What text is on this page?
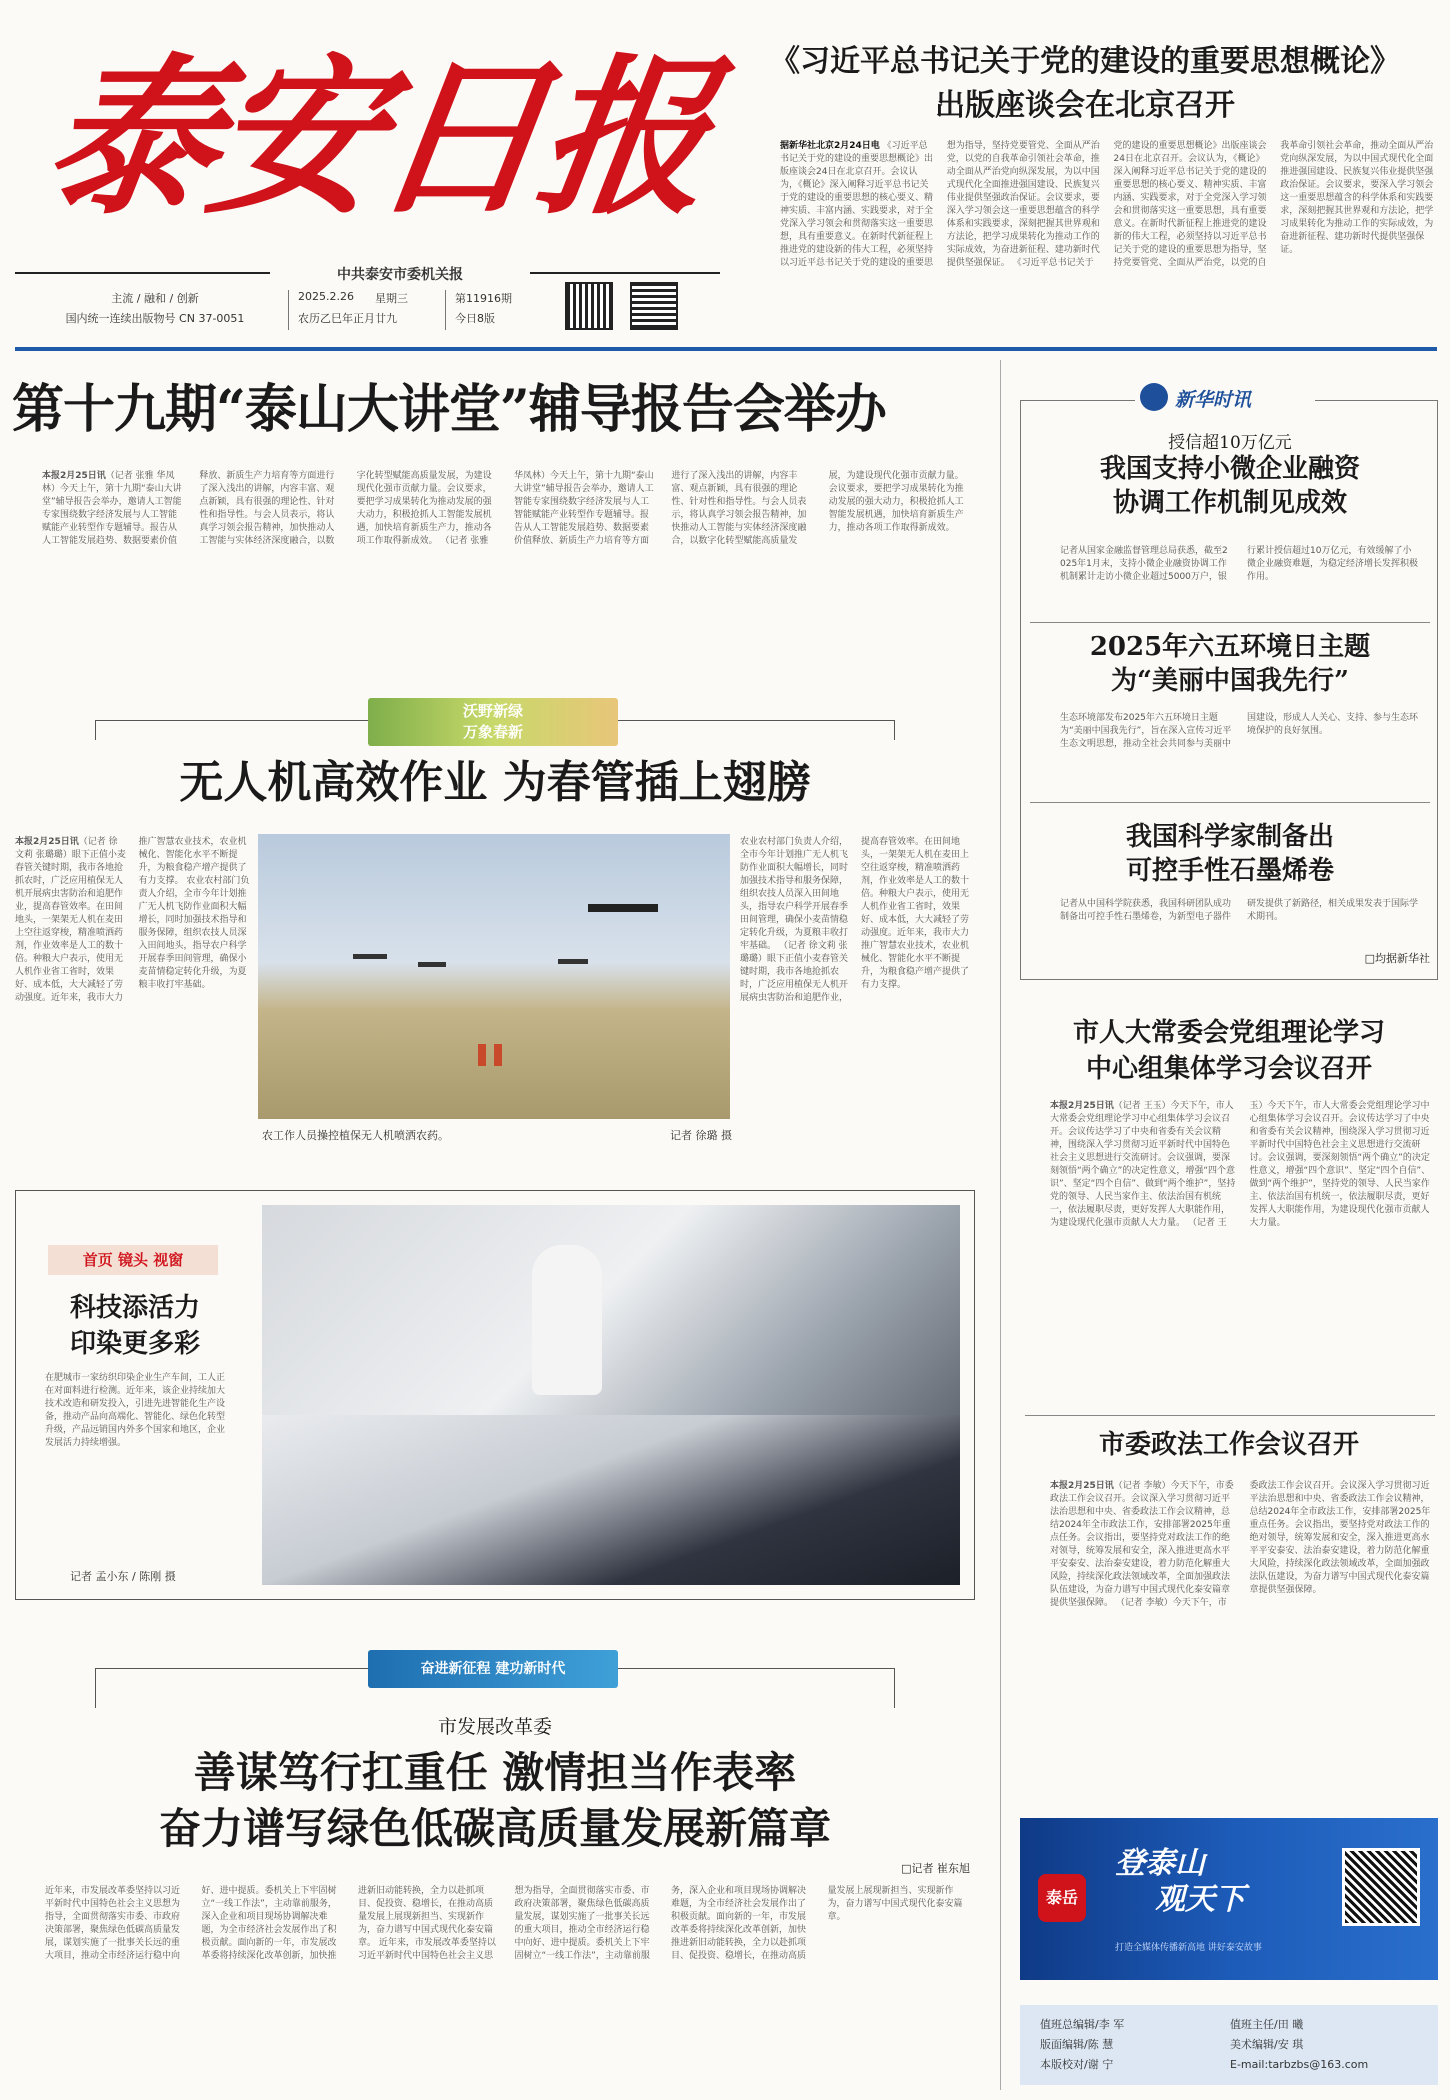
泰安日报
中共泰安市委机关报
主流 / 融和 / 创新
国内统一连续出版物号 CN 37-0051
2025.2.26	星期三
农历乙巳年正月廿九
第11916期
今日8版
《习近平总书记关于党的建设的重要思想概论》
出版座谈会在北京召开
据新华社北京2月24日电 《习近平总书记关于党的建设的重要思想概论》出版座谈会24日在北京召开。会议认为，《概论》深入阐释习近平总书记关于党的建设的重要思想的核心要义、精神实质、丰富内涵、实践要求，对于全党深入学习领会和贯彻落实这一重要思想，具有重要意义。在新时代新征程上推进党的建设新的伟大工程，必须坚持以习近平总书记关于党的建设的重要思想为指导，坚持党要管党、全面从严治党，以党的自我革命引领社会革命，推动全面从严治党向纵深发展，为以中国式现代化全面推进强国建设、民族复兴伟业提供坚强政治保证。会议要求，要深入学习领会这一重要思想蕴含的科学体系和实践要求，深刻把握其世界观和方法论，把学习成果转化为推动工作的实际成效，为奋进新征程、建功新时代提供坚强保证。 《习近平总书记关于党的建设的重要思想概论》出版座谈会24日在北京召开。会议认为，《概论》深入阐释习近平总书记关于党的建设的重要思想的核心要义、精神实质、丰富内涵、实践要求，对于全党深入学习领会和贯彻落实这一重要思想，具有重要意义。在新时代新征程上推进党的建设新的伟大工程，必须坚持以习近平总书记关于党的建设的重要思想为指导，坚持党要管党、全面从严治党，以党的自我革命引领社会革命，推动全面从严治党向纵深发展，为以中国式现代化全面推进强国建设、民族复兴伟业提供坚强政治保证。会议要求，要深入学习领会这一重要思想蕴含的科学体系和实践要求，深刻把握其世界观和方法论，把学习成果转化为推动工作的实际成效，为奋进新征程、建功新时代提供坚强保证。
第十九期“泰山大讲堂”辅导报告会举办
本报2月25日讯（记者 张雅 华凤林）今天上午，第十九期“泰山大讲堂”辅导报告会举办，邀请人工智能专家围绕数字经济发展与人工智能赋能产业转型作专题辅导。报告从人工智能发展趋势、数据要素价值释放、新质生产力培育等方面进行了深入浅出的讲解，内容丰富、观点新颖，具有很强的理论性、针对性和指导性。与会人员表示，将认真学习领会报告精神，加快推动人工智能与实体经济深度融合，以数字化转型赋能高质量发展，为建设现代化强市贡献力量。会议要求，要把学习成果转化为推动发展的强大动力，积极抢抓人工智能发展机遇，加快培育新质生产力，推动各项工作取得新成效。 （记者 张雅 华凤林）今天上午，第十九期“泰山大讲堂”辅导报告会举办，邀请人工智能专家围绕数字经济发展与人工智能赋能产业转型作专题辅导。报告从人工智能发展趋势、数据要素价值释放、新质生产力培育等方面进行了深入浅出的讲解，内容丰富、观点新颖，具有很强的理论性、针对性和指导性。与会人员表示，将认真学习领会报告精神，加快推动人工智能与实体经济深度融合，以数字化转型赋能高质量发展，为建设现代化强市贡献力量。会议要求，要把学习成果转化为推动发展的强大动力，积极抢抓人工智能发展机遇，加快培育新质生产力，推动各项工作取得新成效。
新华时讯
授信超10万亿元
我国支持小微企业融资
协调工作机制见成效
记者从国家金融监督管理总局获悉，截至2025年1月末，支持小微企业融资协调工作机制累计走访小微企业超过5000万户，银行累计授信超过10万亿元，有效缓解了小微企业融资难题，为稳定经济增长发挥积极作用。
2025年六五环境日主题
为“美丽中国我先行”
生态环境部发布2025年六五环境日主题为“美丽中国我先行”，旨在深入宣传习近平生态文明思想，推动全社会共同参与美丽中国建设，形成人人关心、支持、参与生态环境保护的良好氛围。
我国科学家制备出
可控手性石墨烯卷
记者从中国科学院获悉，我国科研团队成功制备出可控手性石墨烯卷，为新型电子器件研发提供了新路径，相关成果发表于国际学术期刊。
□均据新华社
沃野新绿
万象春新
无人机高效作业 为春管插上翅膀
本报2月25日讯（记者 徐文莉 张璐璐）眼下正值小麦春管关键时期，我市各地抢抓农时，广泛应用植保无人机开展病虫害防治和追肥作业，提高春管效率。在田间地头，一架架无人机在麦田上空往返穿梭，精准喷洒药剂，作业效率是人工的数十倍。种粮大户表示，使用无人机作业省工省时，效果好、成本低，大大减轻了劳动强度。近年来，我市大力推广智慧农业技术，农业机械化、智能化水平不断提升，为粮食稳产增产提供了有力支撑。 农业农村部门负责人介绍，全市今年计划推广无人机飞防作业面积大幅增长，同时加强技术指导和服务保障，组织农技人员深入田间地头，指导农户科学开展春季田间管理，确保小麦苗情稳定转化升级，为夏粮丰收打牢基础。
农工作人员操控植保无人机喷洒农药。	记者 徐璐 摄
农业农村部门负责人介绍，全市今年计划推广无人机飞防作业面积大幅增长，同时加强技术指导和服务保障，组织农技人员深入田间地头，指导农户科学开展春季田间管理，确保小麦苗情稳定转化升级，为夏粮丰收打牢基础。 （记者 徐文莉 张璐璐）眼下正值小麦春管关键时期，我市各地抢抓农时，广泛应用植保无人机开展病虫害防治和追肥作业，提高春管效率。在田间地头，一架架无人机在麦田上空往返穿梭，精准喷洒药剂，作业效率是人工的数十倍。种粮大户表示，使用无人机作业省工省时，效果好、成本低，大大减轻了劳动强度。近年来，我市大力推广智慧农业技术，农业机械化、智能化水平不断提升，为粮食稳产增产提供了有力支撑。
市人大常委会党组理论学习
中心组集体学习会议召开
本报2月25日讯（记者 王玉）今天下午，市人大常委会党组理论学习中心组集体学习会议召开。会议传达学习了中央和省委有关会议精神，围绕深入学习贯彻习近平新时代中国特色社会主义思想进行交流研讨。会议强调，要深刻领悟“两个确立”的决定性意义，增强“四个意识”、坚定“四个自信”、做到“两个维护”，坚持党的领导、人民当家作主、依法治国有机统一，依法履职尽责，更好发挥人大职能作用，为建设现代化强市贡献人大力量。 （记者 王玉）今天下午，市人大常委会党组理论学习中心组集体学习会议召开。会议传达学习了中央和省委有关会议精神，围绕深入学习贯彻习近平新时代中国特色社会主义思想进行交流研讨。会议强调，要深刻领悟“两个确立”的决定性意义，增强“四个意识”、坚定“四个自信”、做到“两个维护”，坚持党的领导、人民当家作主、依法治国有机统一，依法履职尽责，更好发挥人大职能作用，为建设现代化强市贡献人大力量。
首页 镜头 视窗
科技添活力
印染更多彩
在肥城市一家纺织印染企业生产车间，工人正在对面料进行检测。近年来，该企业持续加大技术改造和研发投入，引进先进智能化生产设备，推动产品向高端化、智能化、绿色化转型升级，产品远销国内外多个国家和地区，企业发展活力持续增强。
记者 孟小东 / 陈刚 摄
市委政法工作会议召开
本报2月25日讯（记者 李敏）今天下午，市委政法工作会议召开。会议深入学习贯彻习近平法治思想和中央、省委政法工作会议精神，总结2024年全市政法工作，安排部署2025年重点任务。会议指出，要坚持党对政法工作的绝对领导，统筹发展和安全，深入推进更高水平平安泰安、法治泰安建设，着力防范化解重大风险，持续深化政法领域改革，全面加强政法队伍建设，为奋力谱写中国式现代化泰安篇章提供坚强保障。 （记者 李敏）今天下午，市委政法工作会议召开。会议深入学习贯彻习近平法治思想和中央、省委政法工作会议精神，总结2024年全市政法工作，安排部署2025年重点任务。会议指出，要坚持党对政法工作的绝对领导，统筹发展和安全，深入推进更高水平平安泰安、法治泰安建设，着力防范化解重大风险，持续深化政法领域改革，全面加强政法队伍建设，为奋力谱写中国式现代化泰安篇章提供坚强保障。
奋进新征程 建功新时代
市发展改革委
善谋笃行扛重任 激情担当作表率
奋力谱写绿色低碳高质量发展新篇章
□记者 崔东旭
近年来，市发展改革委坚持以习近平新时代中国特色社会主义思想为指导，全面贯彻落实市委、市政府决策部署，聚焦绿色低碳高质量发展，谋划实施了一批事关长远的重大项目，推动全市经济运行稳中向好、进中提质。委机关上下牢固树立“一线工作法”，主动靠前服务，深入企业和项目现场协调解决难题，为全市经济社会发展作出了积极贡献。面向新的一年，市发展改革委将持续深化改革创新，加快推进新旧动能转换，全力以赴抓项目、促投资、稳增长，在推动高质量发展上展现新担当、实现新作为，奋力谱写中国式现代化泰安篇章。 近年来，市发展改革委坚持以习近平新时代中国特色社会主义思想为指导，全面贯彻落实市委、市政府决策部署，聚焦绿色低碳高质量发展，谋划实施了一批事关长远的重大项目，推动全市经济运行稳中向好、进中提质。委机关上下牢固树立“一线工作法”，主动靠前服务，深入企业和项目现场协调解决难题，为全市经济社会发展作出了积极贡献。面向新的一年，市发展改革委将持续深化改革创新，加快推进新旧动能转换，全力以赴抓项目、促投资、稳增长，在推动高质量发展上展现新担当、实现新作为，奋力谱写中国式现代化泰安篇章。
泰岳
登泰山
观天下
打造全媒体传播新高地 讲好泰安故事
值班总编辑/李 军
版面编辑/陈 慧
本版校对/谢 宁
值班主任/田 曦
美术编辑/安 琪
E-mail:tarbzbs@163.com
